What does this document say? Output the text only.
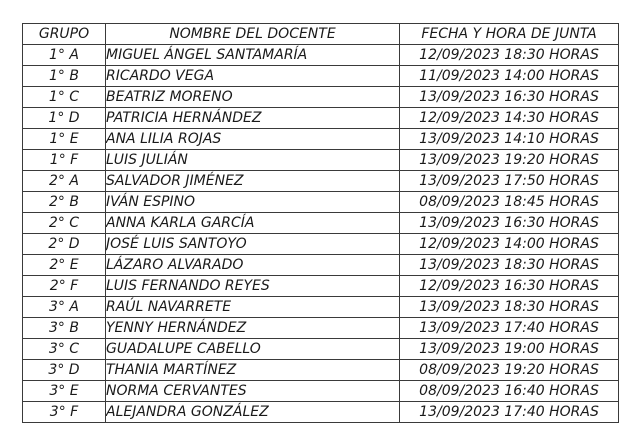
GRUPO	NOMBRE DEL DOCENTE	FECHA Y HORA DE JUNTA
1° A	MIGUEL ÁNGEL SANTAMARÍA	12/09/2023 18:30 HORAS
1° B	RICARDO VEGA	11/09/2023 14:00 HORAS
1° C	BEATRIZ MORENO	13/09/2023 16:30 HORAS
1° D	PATRICIA HERNÁNDEZ	12/09/2023 14:30 HORAS
1° E	ANA LILIA ROJAS	13/09/2023 14:10 HORAS
1° F	LUIS JULIÁN	13/09/2023 19:20 HORAS
2° A	SALVADOR JIMÉNEZ	13/09/2023 17:50 HORAS
2° B	IVÁN ESPINO	08/09/2023 18:45 HORAS
2° C	ANNA KARLA GARCÍA	13/09/2023 16:30 HORAS
2° D	JOSÉ LUIS SANTOYO	12/09/2023 14:00 HORAS
2° E	LÁZARO ALVARADO	13/09/2023 18:30 HORAS
2° F	LUIS FERNANDO REYES	12/09/2023 16:30 HORAS
3° A	RAÚL NAVARRETE	13/09/2023 18:30 HORAS
3° B	YENNY HERNÁNDEZ	13/09/2023 17:40 HORAS
3° C	GUADALUPE CABELLO	13/09/2023 19:00 HORAS
3° D	THANIA MARTÍNEZ	08/09/2023 19:20 HORAS
3° E	NORMA CERVANTES	08/09/2023 16:40 HORAS
3° F	ALEJANDRA GONZÁLEZ	13/09/2023 17:40 HORAS
